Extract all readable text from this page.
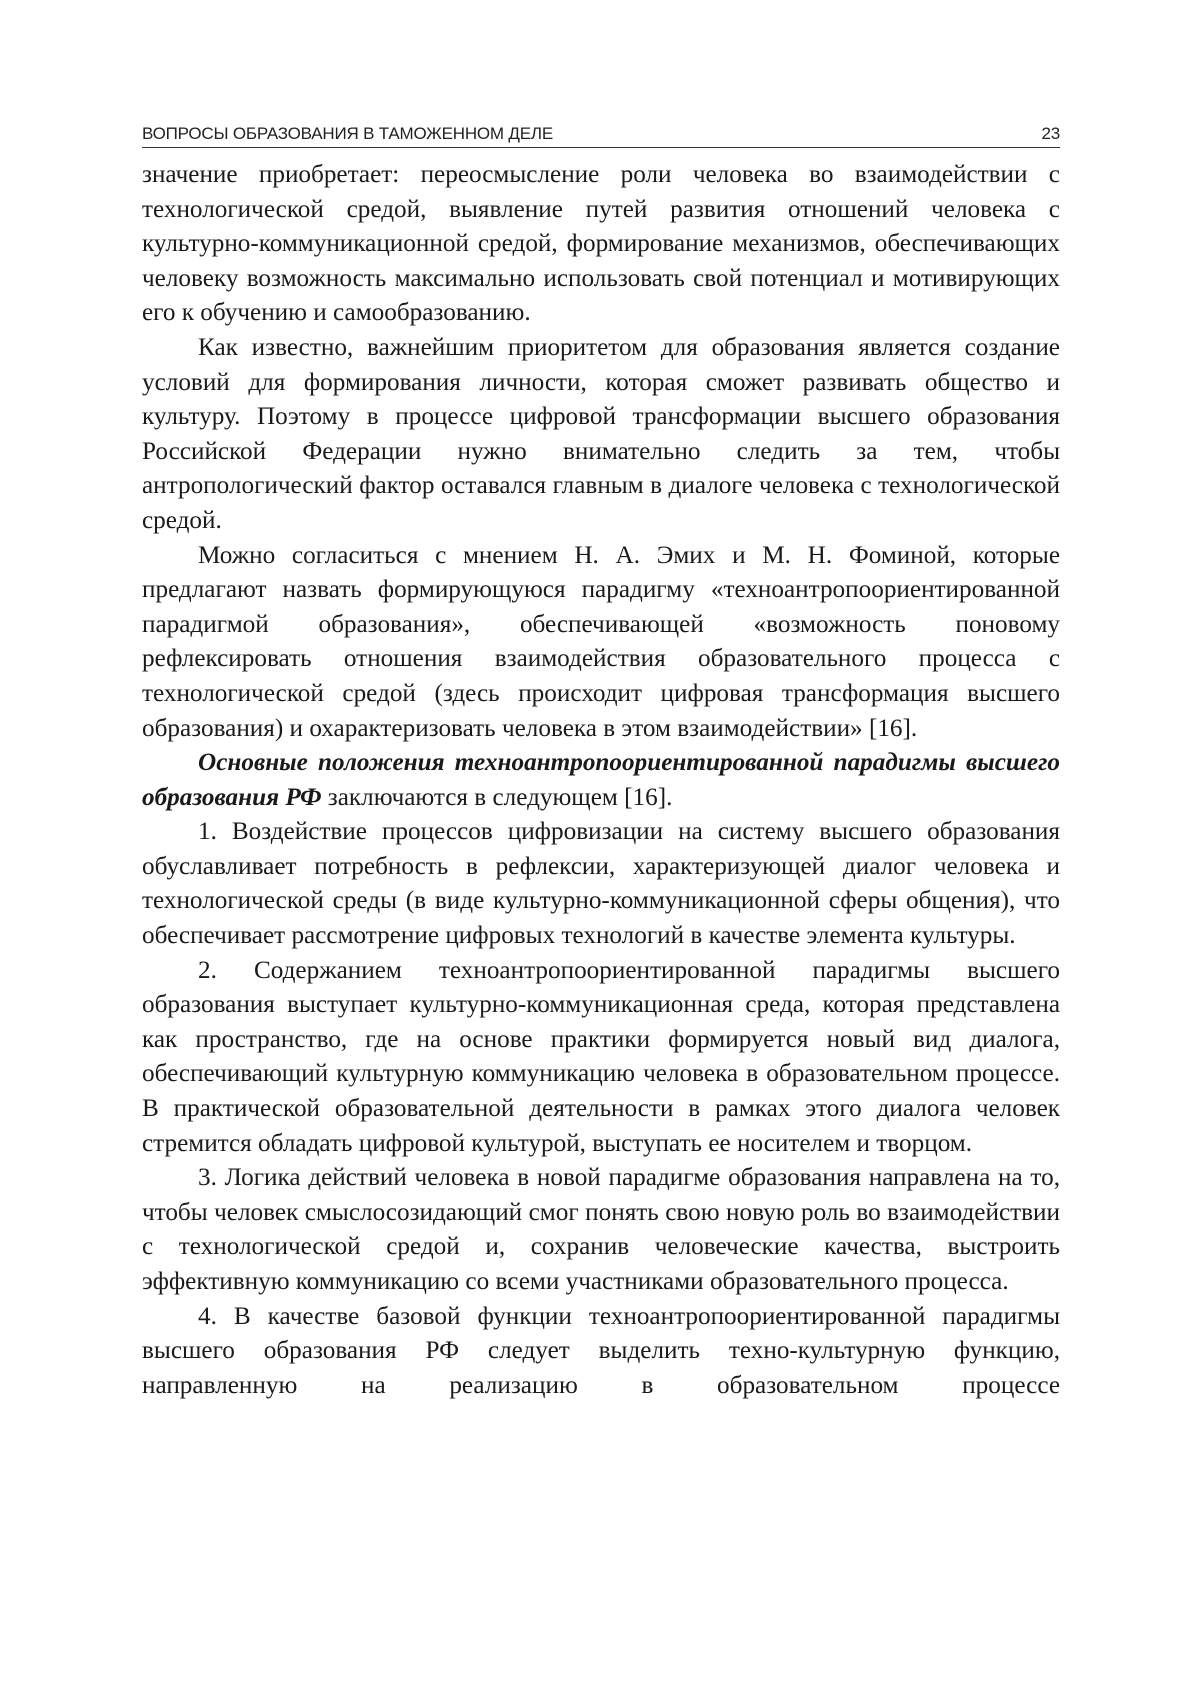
ВОПРОСЫ ОБРАЗОВАНИЯ В ТАМОЖЕННОМ ДЕЛЕ	23

значение приобретает: переосмысление роли человека во взаимодействии с технологической средой, выявление путей развития отношений человека с культурно-коммуникационной средой, формирование механизмов, обеспечивающих человеку возможность максимально использовать свой потенциал и мотивирующих его к обучению и самообразованию.

Как известно, важнейшим приоритетом для образования является создание условий для формирования личности, которая сможет развивать общество и культуру. Поэтому в процессе цифровой трансформации высшего образования Российской Федерации нужно внимательно следить за тем, чтобы антропологический фактор оставался главным в диалоге человека с технологической средой.

Можно согласиться с мнением Н. А. Эмих и М. Н. Фоминой, которые предлагают назвать формирующуюся парадигму «техноантропоориентированной парадигмой образования», обеспечивающей «возможность поновому рефлексировать отношения взаимодействия образовательного процесса с технологической средой (здесь происходит цифровая трансформация высшего образования) и охарактеризовать человека в этом взаимодействии» [16].

Основные положения техноантропоориентированной парадигмы высшего образования РФ заключаются в следующем [16].

1. Воздействие процессов цифровизации на систему высшего образования обуславливает потребность в рефлексии, характеризующей диалог человека и технологической среды (в виде культурно-коммуникационной сферы общения), что обеспечивает рассмотрение цифровых технологий в качестве элемента культуры.

2. Содержанием техноантропоориентированной парадигмы высшего образования выступает культурно-коммуникационная среда, которая представлена как пространство, где на основе практики формируется новый вид диалога, обеспечивающий культурную коммуникацию человека в образовательном процессе. В практической образовательной деятельности в рамках этого диалога человек стремится обладать цифровой культурой, выступать ее носителем и творцом.

3. Логика действий человека в новой парадигме образования направлена на то, чтобы человек смыслосозидающий смог понять свою новую роль во взаимодействии с технологической средой и, сохранив человеческие качества, выстроить эффективную коммуникацию со всеми участниками образовательного процесса.

4. В качестве базовой функции техноантропоориентированной парадигмы высшего образования РФ следует выделить техно-культурную функцию, направленную на реализацию в образовательном процессе
